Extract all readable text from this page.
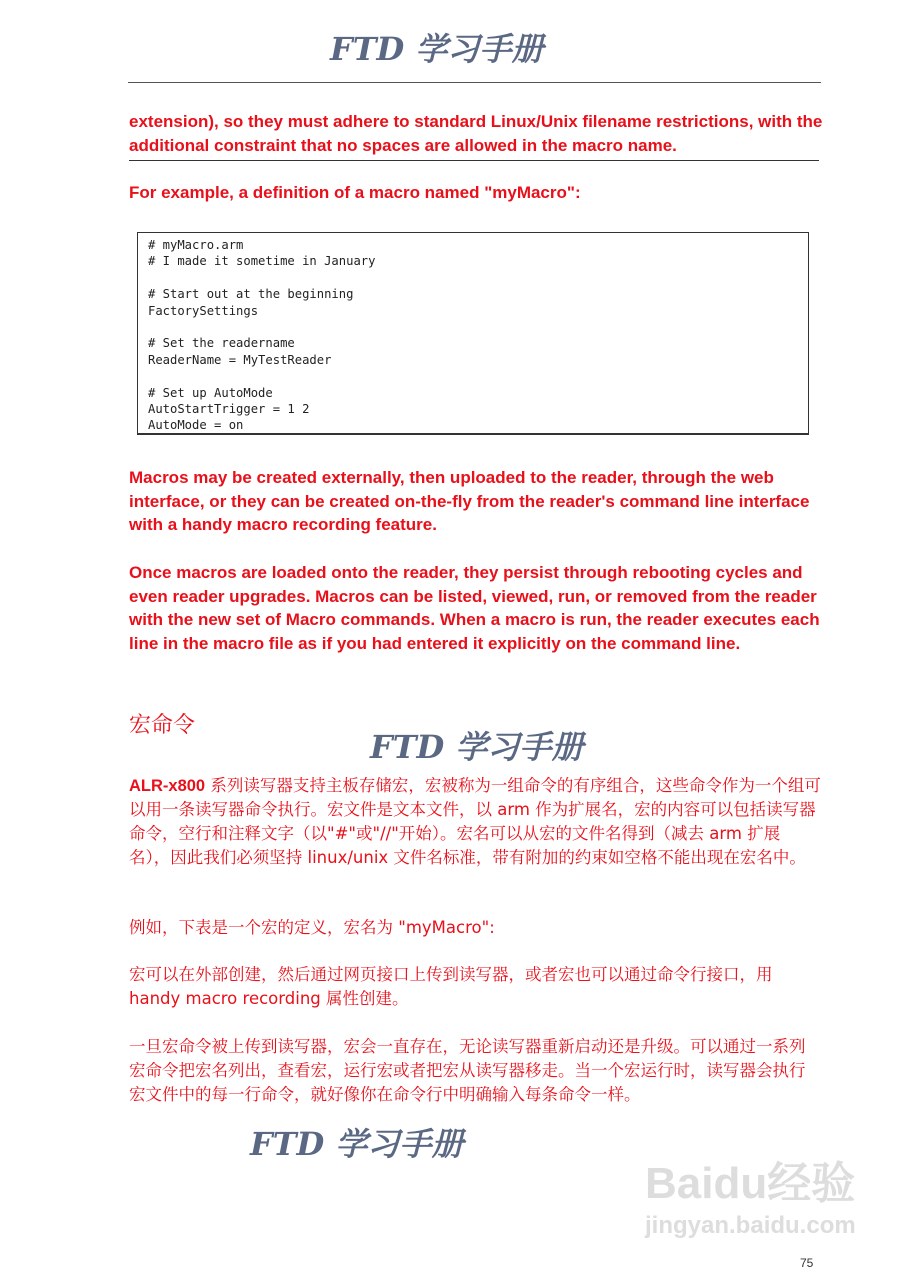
extension), so they must adhere to standard Linux/Unix filename restrictions, with the additional constraint that no spaces are allowed in the macro name.

For example, a definition of a macro named "myMacro":

# myMacro.arm
# I made it sometime in January

# Start out at the beginning
FactorySettings

# Set the readername
ReaderName = MyTestReader

# Set up AutoMode
AutoStartTrigger = 1 2
AutoMode = on

Macros may be created externally, then uploaded to the reader, through the web interface, or they can be created on-the-fly from the reader's command line interface with a handy macro recording feature.

Once macros are loaded onto the reader, they persist through rebooting cycles and even reader upgrades. Macros can be listed, viewed, run, or removed from the reader with the new set of Macro commands. When a macro is run, the reader executes each line in the macro file as if you had entered it explicitly on the command line.

宏命令

ALR-x800 系列读写器支持主板存储宏，宏被称为一组命令的有序组合，这些命令作为一个组可以用一条读写器命令执行。宏文件是文本文件，以 arm 作为扩展名，宏的内容可以包括读写器命令，空行和注释文字（以"#"或"//"开始）。宏名可以从宏的文件名得到（减去 arm 扩展名），因此我们必须坚持 linux/unix 文件名标准，带有附加的约束如空格不能出现在宏名中。

例如，下表是一个宏的定义，宏名为 "myMacro":

宏可以在外部创建，然后通过网页接口上传到读写器，或者宏也可以通过命令行接口，用 handy macro recording 属性创建。

一旦宏命令被上传到读写器，宏会一直存在，无论读写器重新启动还是升级。可以通过一系列宏命令把宏名列出，查看宏，运行宏或者把宏从读写器移走。当一个宏运行时，读写器会执行宏文件中的每一行命令，就好像你在命令行中明确输入每条命令一样。

FTD 学习手册
FTD 学习手册
FTD 学习手册
Baidu经验
jingyan.baidu.com
75
